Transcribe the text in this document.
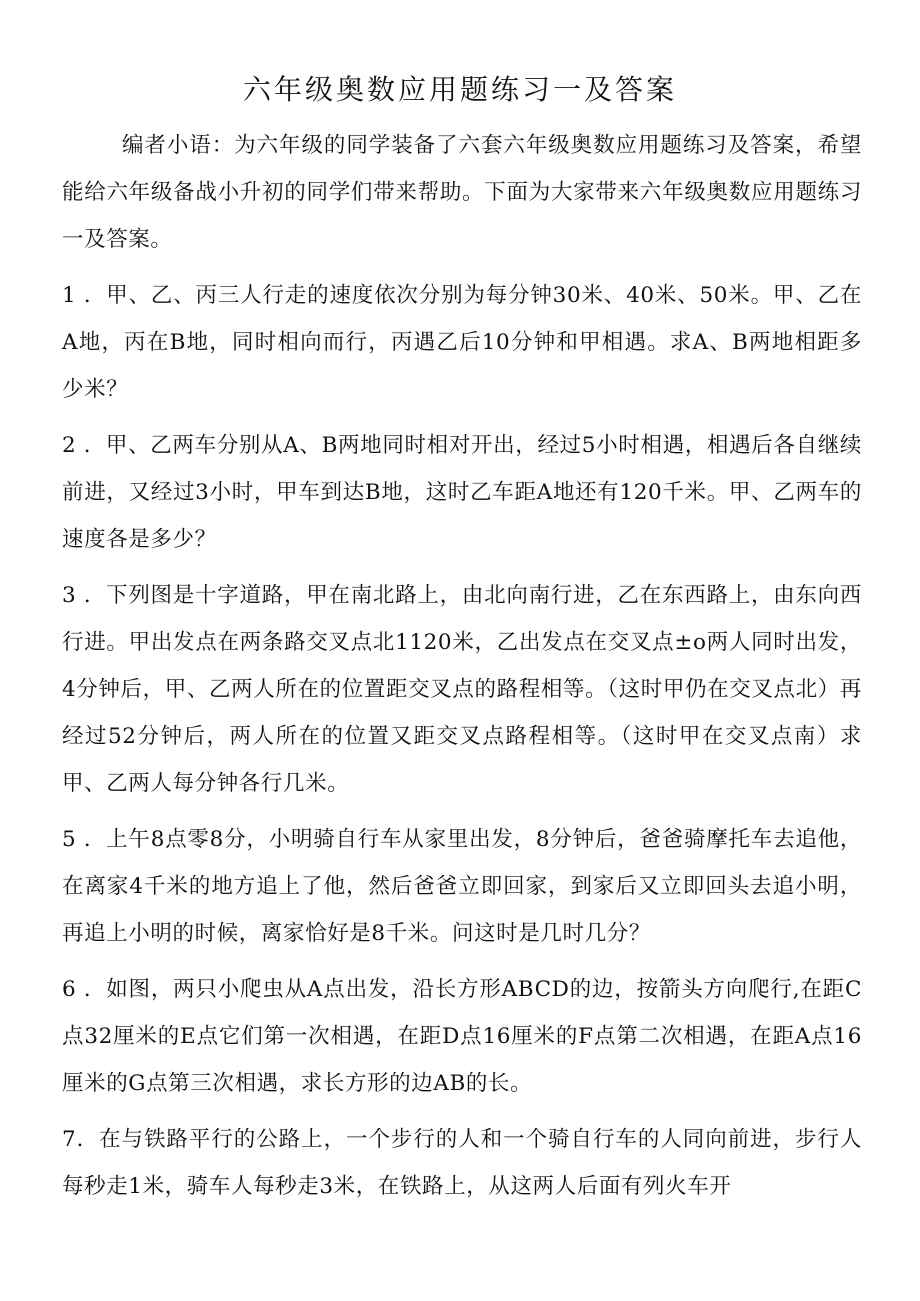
六年级奥数应用题练习一及答案

编者小语：为六年级的同学装备了六套六年级奥数应用题练习及答案，希望能给六年级备战小升初的同学们带来帮助。下面为大家带来六年级奥数应用题练习一及答案。

1 ．甲、乙、丙三人行走的速度依次分别为每分钟30米、40米、50米。甲、乙在A地，丙在B地，同时相向而行，丙遇乙后10分钟和甲相遇。求A、B两地相距多少米？

2 ．甲、乙两车分别从A、B两地同时相对开出，经过5小时相遇，相遇后各自继续前进，又经过3小时，甲车到达B地，这时乙车距A地还有120千米。甲、乙两车的速度各是多少？

3 ．下列图是十字道路，甲在南北路上，由北向南行进，乙在东西路上，由东向西行进。甲出发点在两条路交叉点北1120米，乙出发点在交叉点±o两人同时出发，4分钟后，甲、乙两人所在的位置距交叉点的路程相等。（这时甲仍在交叉点北）再经过52分钟后，两人所在的位置又距交叉点路程相等。（这时甲在交叉点南）求甲、乙两人每分钟各行几米。

5 ．上午8点零8分，小明骑自行车从家里出发，8分钟后，爸爸骑摩托车去追他，在离家4千米的地方追上了他，然后爸爸立即回家，到家后又立即回头去追小明，再追上小明的时候，离家恰好是8千米。问这时是几时几分？

6 ．如图，两只小爬虫从A点出发，沿长方形ABCD的边，按箭头方向爬行,在距C点32厘米的E点它们第一次相遇，在距D点16厘米的F点第二次相遇，在距A点16厘米的G点第三次相遇，求长方形的边AB的长。

7．在与铁路平行的公路上，一个步行的人和一个骑自行车的人同向前进，步行人每秒走1米，骑车人每秒走3米，在铁路上，从这两人后面有列火车开
